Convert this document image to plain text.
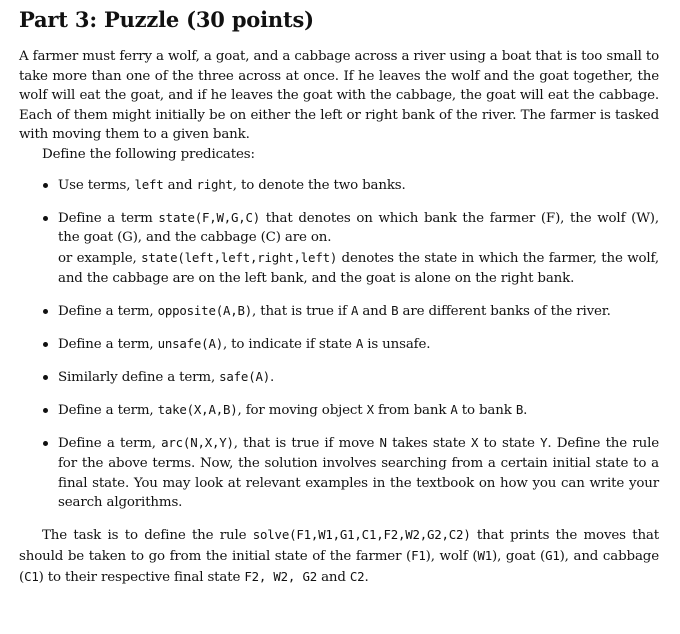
Part 3: Puzzle (30 points)

A farmer must ferry a wolf, a goat, and a cabbage across a river using a boat that is too small to take more than one of the three across at once. If he leaves the wolf and the goat together, the wolf will eat the goat, and if he leaves the goat with the cabbage, the goat will eat the cabbage. Each of them might initially be on either the left or right bank of the river. The farmer is tasked with moving them to a given bank.

Define the following predicates:

Use terms, left and right, to denote the two banks.
Define a term state(F,W,G,C) that denotes on which bank the farmer (F), the wolf (W), the goat (G), and the cabbage (C) are on.
or example, state(left,left,right,left) denotes the state in which the farmer, the wolf, and the cabbage are on the left bank, and the goat is alone on the right bank.
Define a term, opposite(A,B), that is true if A and B are different banks of the river.
Define a term, unsafe(A), to indicate if state A is unsafe.
Similarly define a term, safe(A).
Define a term, take(X,A,B), for moving object X from bank A to bank B.
Define a term, arc(N,X,Y), that is true if move N takes state X to state Y. Define the rule for the above terms. Now, the solution involves searching from a certain initial state to a final state. You may look at relevant examples in the textbook on how you can write your search algorithms.

The task is to define the rule solve(F1,W1,G1,C1,F2,W2,G2,C2) that prints the moves that should be taken to go from the initial state of the farmer (F1), wolf (W1), goat (G1), and cabbage (C1) to their respective final state F2, W2, G2 and C2.
